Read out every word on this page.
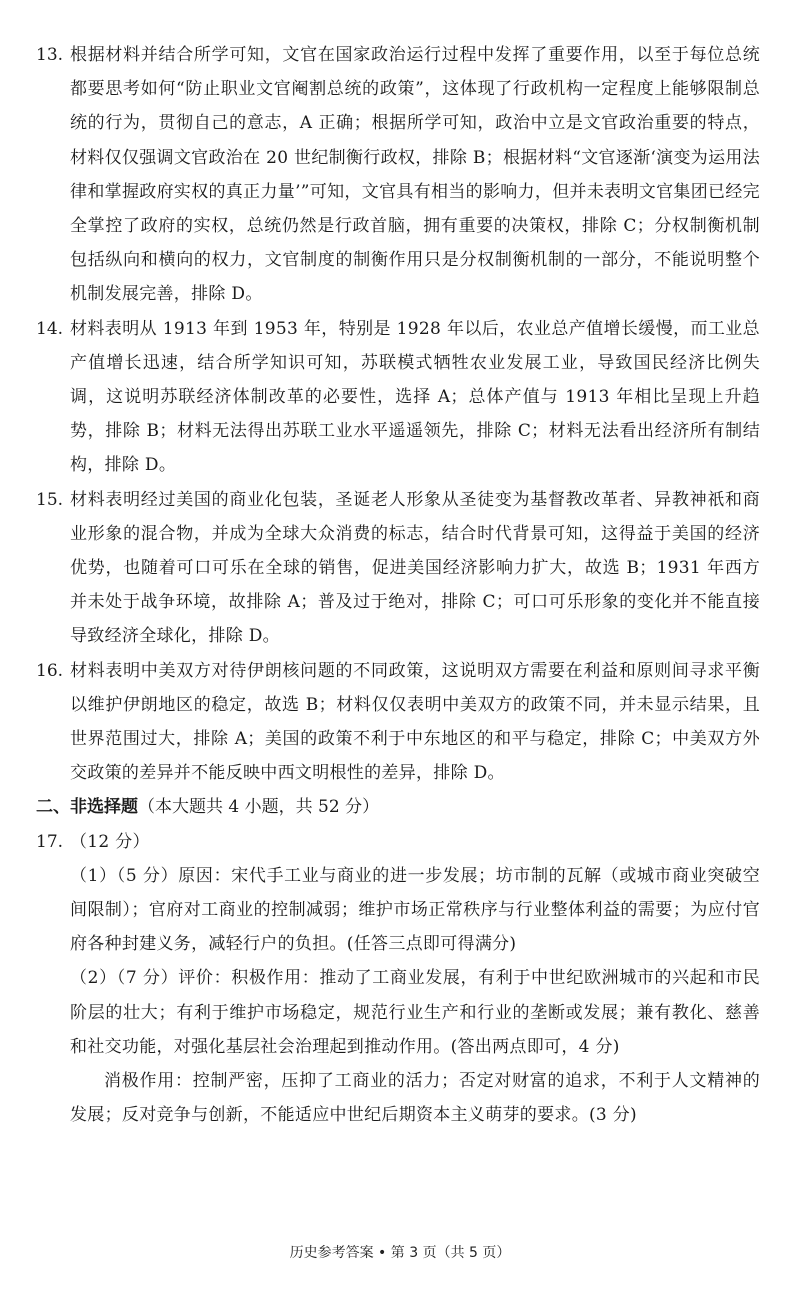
13. 根据材料并结合所学可知，文官在国家政治运行过程中发挥了重要作用，以至于每位总统都要思考如何“防止职业文官阉割总统的政策”，这体现了行政机构一定程度上能够限制总统的行为，贯彻自己的意志，A 正确；根据所学可知，政治中立是文官政治重要的特点，材料仅仅强调文官政治在 20 世纪制衡行政权，排除 B；根据材料“文官逐渐‘演变为运用法律和掌握政府实权的真正力量’”可知，文官具有相当的影响力，但并未表明文官集团已经完全掌控了政府的实权，总统仍然是行政首脑，拥有重要的决策权，排除 C；分权制衡机制包括纵向和横向的权力，文官制度的制衡作用只是分权制衡机制的一部分，不能说明整个机制发展完善，排除 D。
14. 材料表明从 1913 年到 1953 年，特别是 1928 年以后，农业总产值增长缓慢，而工业总产值增长迅速，结合所学知识可知，苏联模式牺牲农业发展工业，导致国民经济比例失调，这说明苏联经济体制改革的必要性，选择 A；总体产值与 1913 年相比呈现上升趋势，排除 B；材料无法得出苏联工业水平遥遥领先，排除 C；材料无法看出经济所有制结构，排除 D。
15. 材料表明经过美国的商业化包装，圣诞老人形象从圣徒变为基督教改革者、异教神祇和商业形象的混合物，并成为全球大众消费的标志，结合时代背景可知，这得益于美国的经济优势，也随着可口可乐在全球的销售，促进美国经济影响力扩大，故选 B；1931 年西方并未处于战争环境，故排除 A；普及过于绝对，排除 C；可口可乐形象的变化并不能直接导致经济全球化，排除 D。
16. 材料表明中美双方对待伊朗核问题的不同政策，这说明双方需要在利益和原则间寻求平衡以维护伊朗地区的稳定，故选 B；材料仅仅表明中美双方的政策不同，并未显示结果，且世界范围过大，排除 A；美国的政策不利于中东地区的和平与稳定，排除 C；中美双方外交政策的差异并不能反映中西文明根性的差异，排除 D。
二、非选择题（本大题共 4 小题，共 52 分）
17. （12 分）

（1）（5 分）原因：宋代手工业与商业的进一步发展；坊市制的瓦解（或城市商业突破空间限制）；官府对工商业的控制减弱；维护市场正常秩序与行业整体利益的需要；为应付官府各种封建义务，减轻行户的负担。(任答三点即可得满分)

（2）（7 分）评价：积极作用：推动了工商业发展，有利于中世纪欧洲城市的兴起和市民阶层的壮大；有利于维护市场稳定，规范行业生产和行业的垄断或发展；兼有教化、慈善和社交功能，对强化基层社会治理起到推动作用。(答出两点即可，4 分)

消极作用：控制严密，压抑了工商业的活力；否定对财富的追求，不利于人文精神的发展；反对竞争与创新，不能适应中世纪后期资本主义萌芽的要求。(3 分)

历史参考答案 • 第 3 页（共 5 页）
